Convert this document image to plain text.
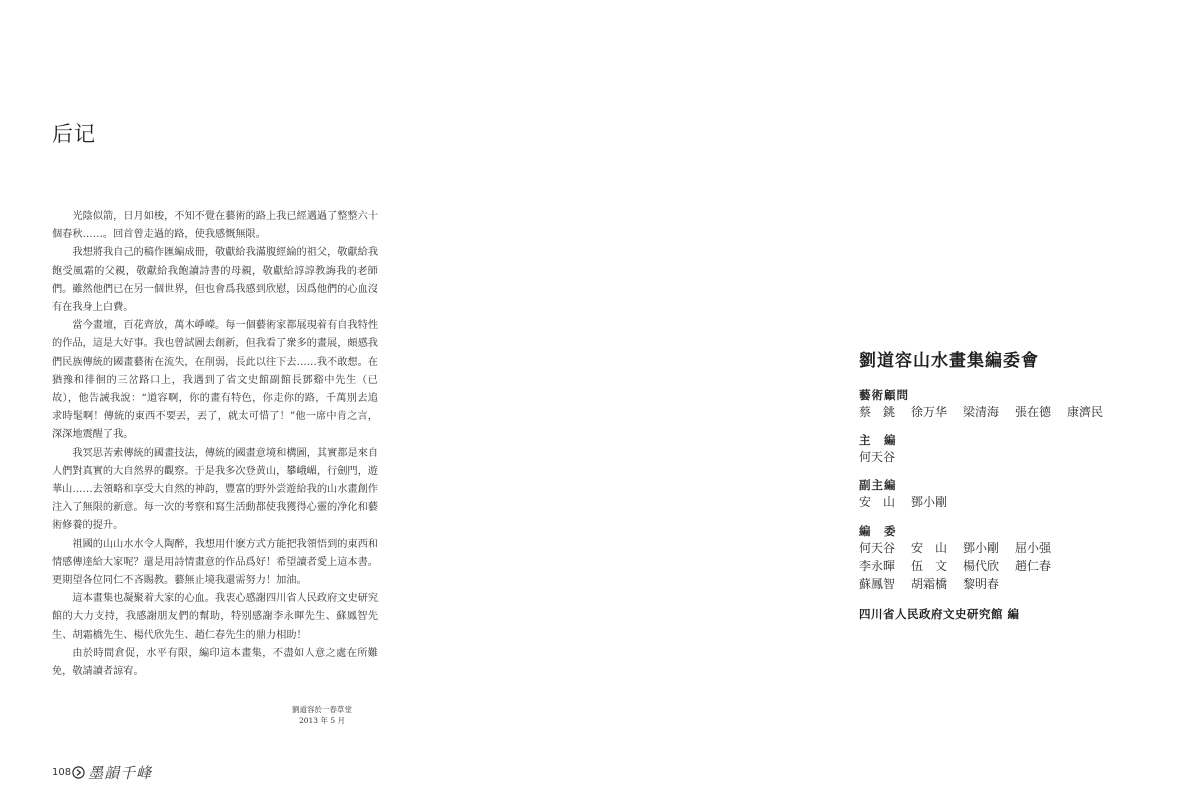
后记

光陰似箭，日月如梭，不知不覺在藝術的路上我已經邁過了整整六十個春秋……。回首曾走過的路，使我感慨無限。

我想將我自己的稿作匯編成冊，敬獻給我滿腹經綸的祖父，敬獻給我飽受風霜的父親，敬獻給我飽讀詩書的母親，敬獻給諄諄教誨我的老師們。雖然他們已在另一個世界，但也會爲我感到欣慰，因爲他們的心血沒有在我身上白費。

當今畫壇，百花齊放，萬木崢嶸。每一個藝術家都展現着有自我特性的作品，這是大好事。我也曾試圖去創新，但我看了衆多的畫展，頗感我們民族傳統的國畫藝術在流失，在削弱，長此以往下去……我不敢想。在猶豫和徘徊的三岔路口上，我遇到了省文史館副館長鄧谿中先生（已故），他告誡我說：“道容啊，你的畫有特色，你走你的路，千萬別去追求時髦啊！傳統的東西不要丟，丟了，就太可惜了！”他一席中肯之言，深深地震醒了我。

我冥思苦索傳統的國畫技法，傳統的國畫意境和構圖，其實都是來自人們對真實的大自然界的觀察。于是我多次登黄山，攀峨嵋，行劍門，遊華山……去領略和享受大自然的神韵，豐富的野外尝遊給我的山水畫創作注入了無限的新意。每一次的考察和寫生活動都使我獲得心靈的净化和藝術修養的提升。

祖國的山山水水令人陶醉，我想用什麽方式方能把我領悟到的東西和情感傳達給大家呢？還是用詩情畫意的作品爲好！希望讀者愛上這本書。更期望各位同仁不吝賜教。藝無止境我還需努力！加油。

這本畫集也凝聚着大家的心血。我衷心感謝四川省人民政府文史研究館的大力支持，我感謝朋友們的幫助，特别感謝李永暉先生、蘇鳳智先生、胡霜橋先生、楊代欣先生、趙仁春先生的鼎力相助！

由於時間倉促，水平有限，編印這本畫集，不盡如人意之處在所難免，敬請讀者諒宥。

劉道容於一春草堂
2013 年 5 月
108 墨韻千峰
劉道容山水畫集編委會
藝術顧問
蔡　銚	徐万华	梁清海	張在德	康濟民
主　編
何天谷
副主編
安　山	鄧小剛
編　委
何天谷	安　山	鄧小剛	屈小强
李永暉	伍　文	楊代欣	趙仁春
蘇鳳智	胡霜橋	黎明春
四川省人民政府文史研究館 編
